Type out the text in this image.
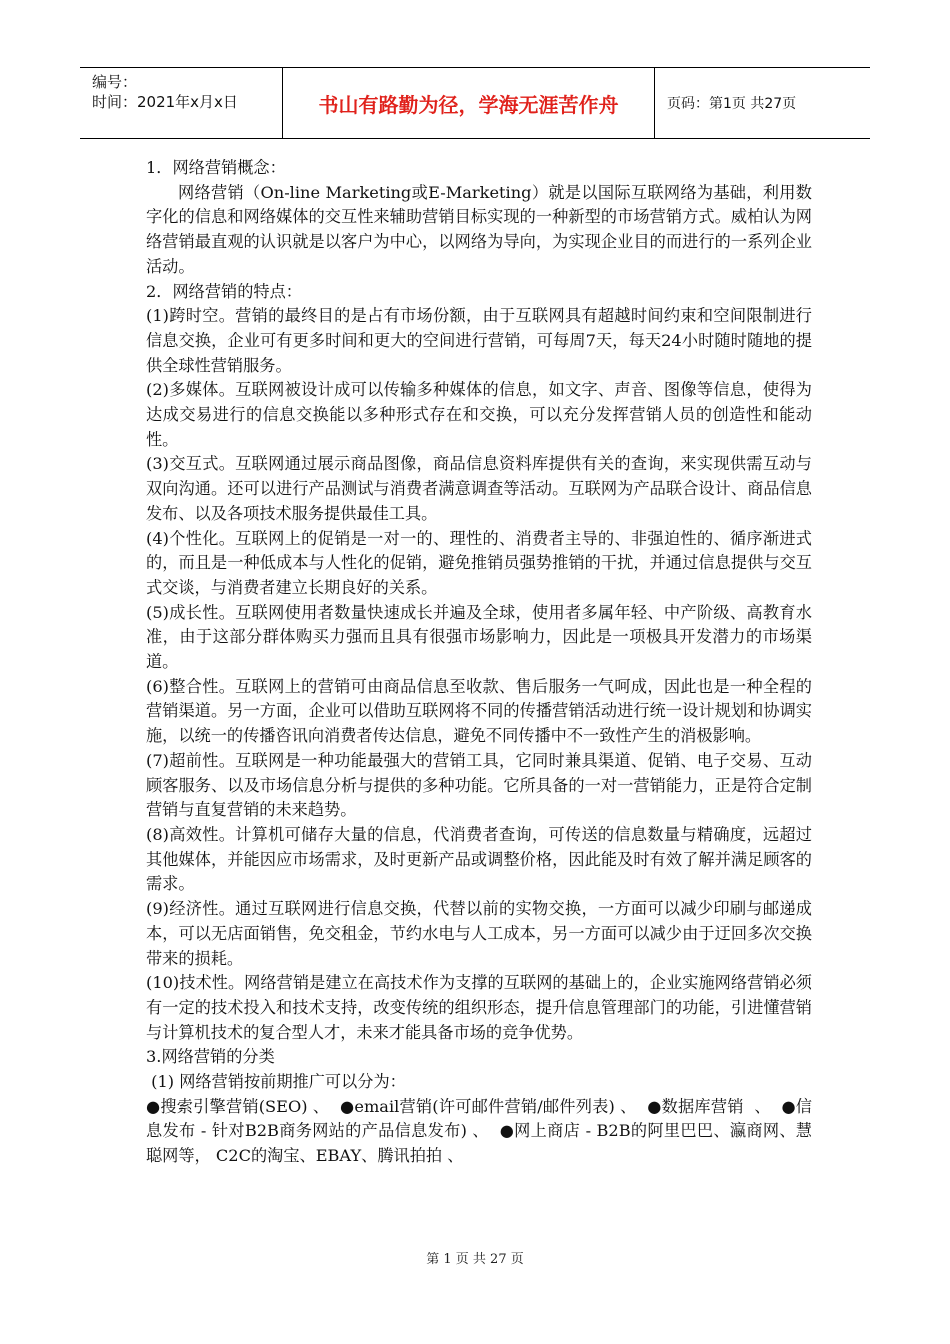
编号：
时间：2021年x月x日	书山有路勤为径，学海无涯苦作舟	页码：第1页 共27页

1．网络营销概念：

网络营销（On-line Marketing或E-Marketing）就是以国际互联网络为基础，利用数字化的信息和网络媒体的交互性来辅助营销目标实现的一种新型的市场营销方式。威柏认为网络营销最直观的认识就是以客户为中心，以网络为导向，为实现企业目的而进行的一系列企业活动。

2．网络营销的特点：

(1)跨时空。营销的最终目的是占有市场份额，由于互联网具有超越时间约束和空间限制进行信息交换，企业可有更多时间和更大的空间进行营销，可每周7天，每天24小时随时随地的提供全球性营销服务。

(2)多媒体。互联网被设计成可以传输多种媒体的信息，如文字、声音、图像等信息，使得为达成交易进行的信息交换能以多种形式存在和交换，可以充分发挥营销人员的创造性和能动性。

(3)交互式。互联网通过展示商品图像，商品信息资料库提供有关的查询，来实现供需互动与双向沟通。还可以进行产品测试与消费者满意调查等活动。互联网为产品联合设计、商品信息发布、以及各项技术服务提供最佳工具。

(4)个性化。互联网上的促销是一对一的、理性的、消费者主导的、非强迫性的、循序渐进式的，而且是一种低成本与人性化的促销，避免推销员强势推销的干扰，并通过信息提供与交互式交谈，与消费者建立长期良好的关系。

(5)成长性。互联网使用者数量快速成长并遍及全球，使用者多属年轻、中产阶级、高教育水准，由于这部分群体购买力强而且具有很强市场影响力，因此是一项极具开发潜力的市场渠道。

(6)整合性。互联网上的营销可由商品信息至收款、售后服务一气呵成，因此也是一种全程的营销渠道。另一方面，企业可以借助互联网将不同的传播营销活动进行统一设计规划和协调实施，以统一的传播咨讯向消费者传达信息，避免不同传播中不一致性产生的消极影响。

(7)超前性。互联网是一种功能最强大的营销工具，它同时兼具渠道、促销、电子交易、互动顾客服务、以及市场信息分析与提供的多种功能。它所具备的一对一营销能力，正是符合定制营销与直复营销的未来趋势。

(8)高效性。计算机可储存大量的信息，代消费者查询，可传送的信息数量与精确度，远超过其他媒体，并能因应市场需求，及时更新产品或调整价格，因此能及时有效了解并满足顾客的需求。

(9)经济性。通过互联网进行信息交换，代替以前的实物交换，一方面可以减少印刷与邮递成本，可以无店面销售，免交租金，节约水电与人工成本，另一方面可以减少由于迂回多次交换带来的损耗。

(10)技术性。网络营销是建立在高技术作为支撑的互联网的基础上的，企业实施网络营销必须有一定的技术投入和技术支持，改变传统的组织形态，提升信息管理部门的功能，引进懂营销与计算机技术的复合型人才，未来才能具备市场的竞争优势。

3.网络营销的分类

(1) 网络营销按前期推广可以分为：

●搜索引擎营销(SEO) 、  ●email营销(许可邮件营销/邮件列表) 、  ●数据库营销  、  ●信息发布 - 针对B2B商务网站的产品信息发布) 、  ●网上商店 - B2B的阿里巴巴、瀛商网、慧聪网等， C2C的淘宝、EBAY、腾讯拍拍 、

第 1 页 共 27 页
